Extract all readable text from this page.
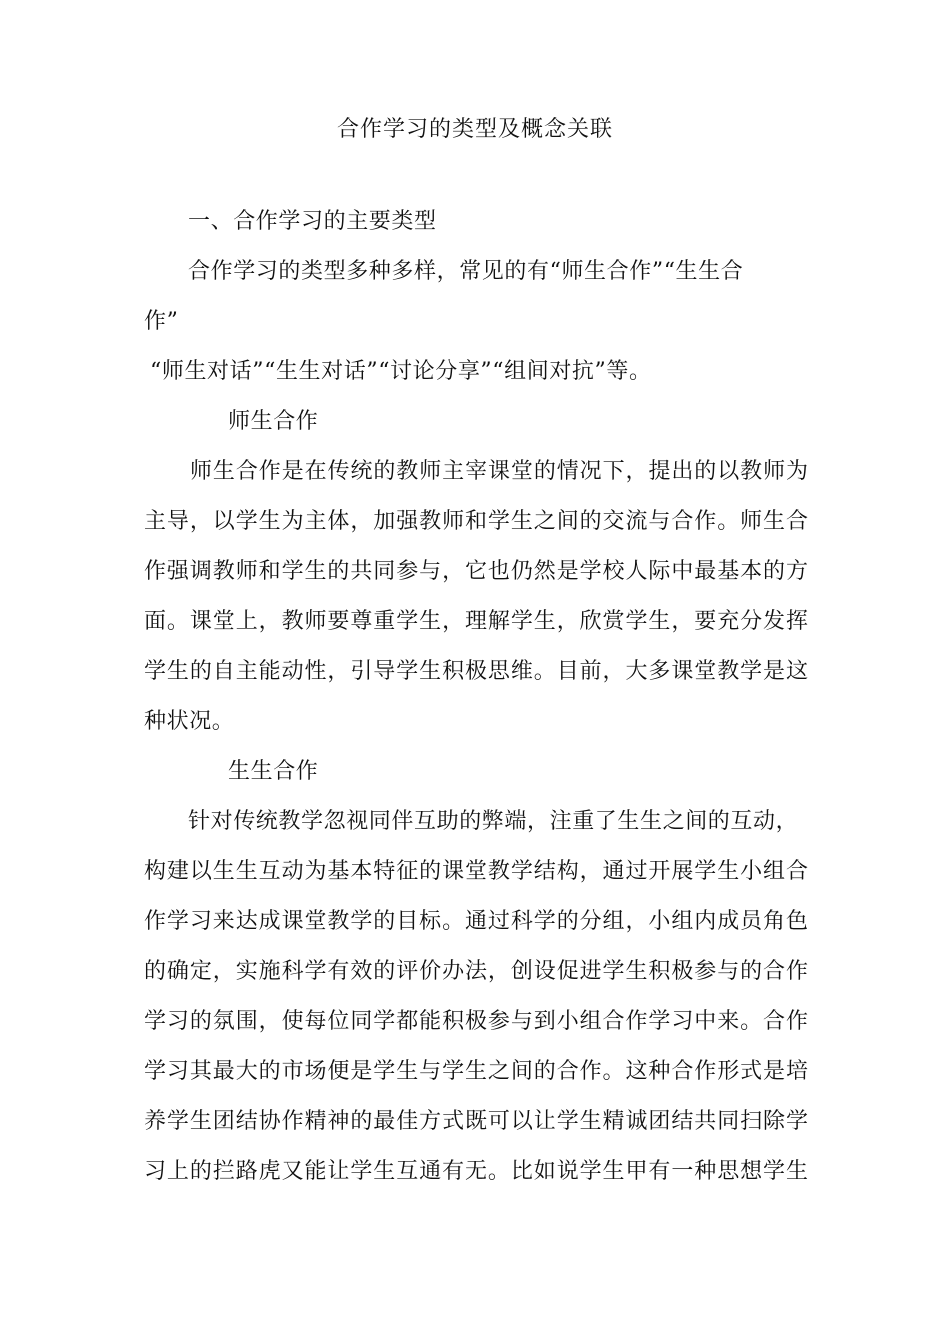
合作学习的类型及概念关联

一、合作学习的主要类型

合作学习的类型多种多样，常见的有“师生合作”“生生合

作”

“师生对话”“生生对话”“讨论分享”“组间对抗”等。

师生合作

师生合作是在传统的教师主宰课堂的情况下，提出的以教师为

主导，以学生为主体，加强教师和学生之间的交流与合作。师生合

作强调教师和学生的共同参与，它也仍然是学校人际中最基本的方

面。课堂上，教师要尊重学生，理解学生，欣赏学生，要充分发挥

学生的自主能动性，引导学生积极思维。目前，大多课堂教学是这

种状况。

生生合作

针对传统教学忽视同伴互助的弊端，注重了生生之间的互动，

构建以生生互动为基本特征的课堂教学结构，通过开展学生小组合

作学习来达成课堂教学的目标。通过科学的分组，小组内成员角色

的确定，实施科学有效的评价办法，创设促进学生积极参与的合作

学习的氛围，使每位同学都能积极参与到小组合作学习中来。合作

学习其最大的市场便是学生与学生之间的合作。这种合作形式是培

养学生团结协作精神的最佳方式既可以让学生精诚团结共同扫除学

习上的拦路虎又能让学生互通有无。比如说学生甲有一种思想学生
